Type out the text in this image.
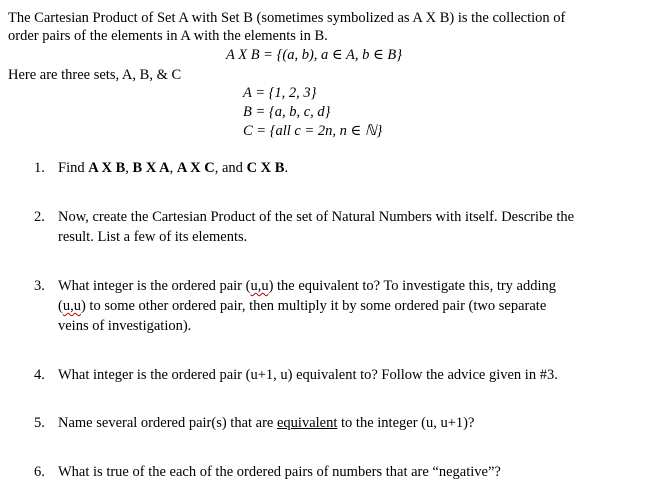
The Cartesian Product of Set A with Set B (sometimes symbolized as A X B) is the collection of
order pairs of the elements in A with the elements in B.
A X B = {(a, b), a ∈ A, b ∈ B}
Here are three sets, A, B, & C
A = {1, 2, 3}
B = {a, b, c, d}
C = {all c = 2n, n ∈ ℕ}
1. Find A X B, B X A, A X C, and C X B.
2. Now, create the Cartesian Product of the set of Natural Numbers with itself. Describe the
result. List a few of its elements.
3. What integer is the ordered pair (u,u) the equivalent to? To investigate this, try adding
(u,u) to some other ordered pair, then multiply it by some ordered pair (two separate
veins of investigation).
4. What integer is the ordered pair (u+1, u) equivalent to? Follow the advice given in #3.
5. Name several ordered pair(s) that are equivalent to the integer (u, u+1)?
6. What is true of the each of the ordered pairs of numbers that are “negative”?
